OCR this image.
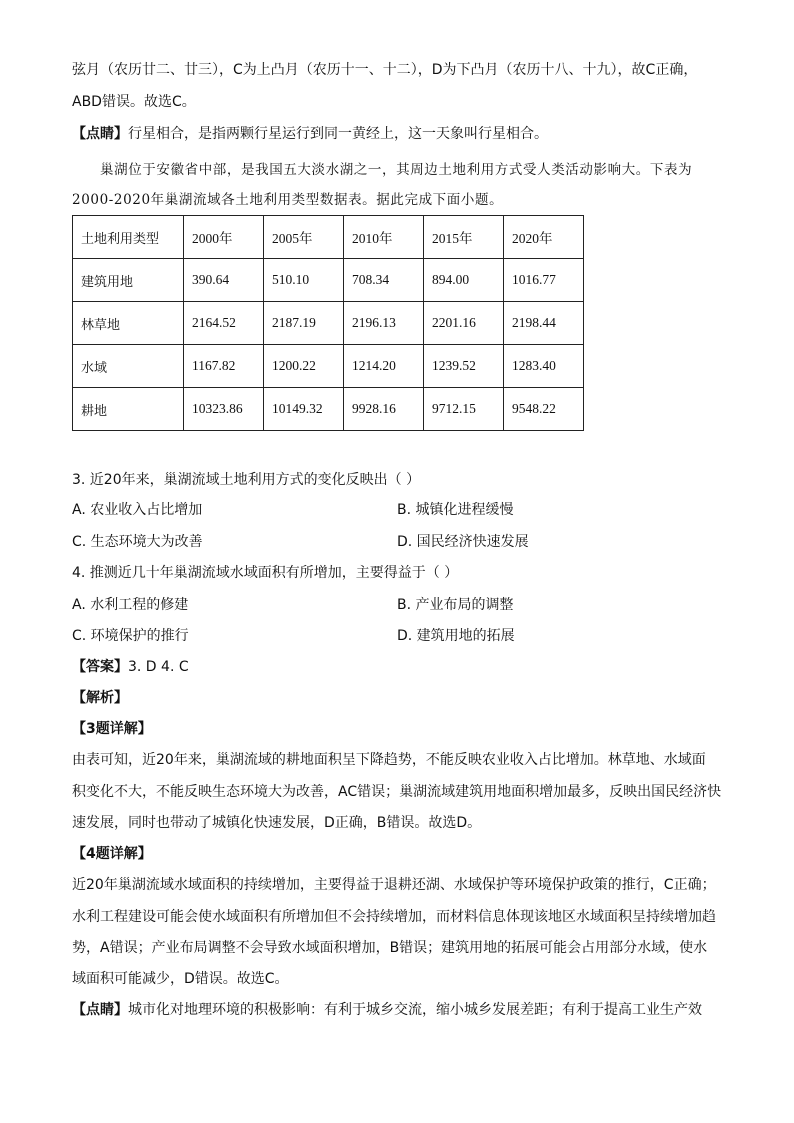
弦月（农历廿二、廿三），C为上凸月（农历十一、十二），D为下凸月（农历十八、十九），故C正确，
ABD错误。故选C。
【点睛】行星相合，是指两颗行星运行到同一黄经上，这一天象叫行星相合。
巢湖位于安徽省中部，是我国五大淡水湖之一，其周边土地利用方式受人类活动影响大。下表为
2000-2020年巢湖流域各土地利用类型数据表。据此完成下面小题。
土地利用类型	2000年	2005年	2010年	2015年	2020年
建筑用地	390.64	510.10	708.34	894.00	1016.77
林草地	2164.52	2187.19	2196.13	2201.16	2198.44
水域	1167.82	1200.22	1214.20	1239.52	1283.40
耕地	10323.86	10149.32	9928.16	9712.15	9548.22
3. 近20年来，巢湖流域土地利用方式的变化反映出（ ）
A. 农业收入占比增加	B. 城镇化进程缓慢
C. 生态环境大为改善	D. 国民经济快速发展
4. 推测近几十年巢湖流域水域面积有所增加，主要得益于（ ）
A. 水利工程的修建	B. 产业布局的调整
C. 环境保护的推行	D. 建筑用地的拓展
【答案】3. D 4. C
【解析】
【3题详解】
由表可知，近20年来，巢湖流域的耕地面积呈下降趋势，不能反映农业收入占比增加。林草地、水域面
积变化不大，不能反映生态环境大为改善，AC错误；巢湖流域建筑用地面积增加最多，反映出国民经济快
速发展，同时也带动了城镇化快速发展，D正确，B错误。故选D。
【4题详解】
近20年巢湖流域水域面积的持续增加，主要得益于退耕还湖、水域保护等环境保护政策的推行，C正确；
水利工程建设可能会使水域面积有所增加但不会持续增加，而材料信息体现该地区水域面积呈持续增加趋
势，A错误；产业布局调整不会导致水域面积增加，B错误；建筑用地的拓展可能会占用部分水域，使水
域面积可能减少，D错误。故选C。
【点睛】城市化对地理环境的积极影响：有利于城乡交流，缩小城乡发展差距；有利于提高工业生产效
